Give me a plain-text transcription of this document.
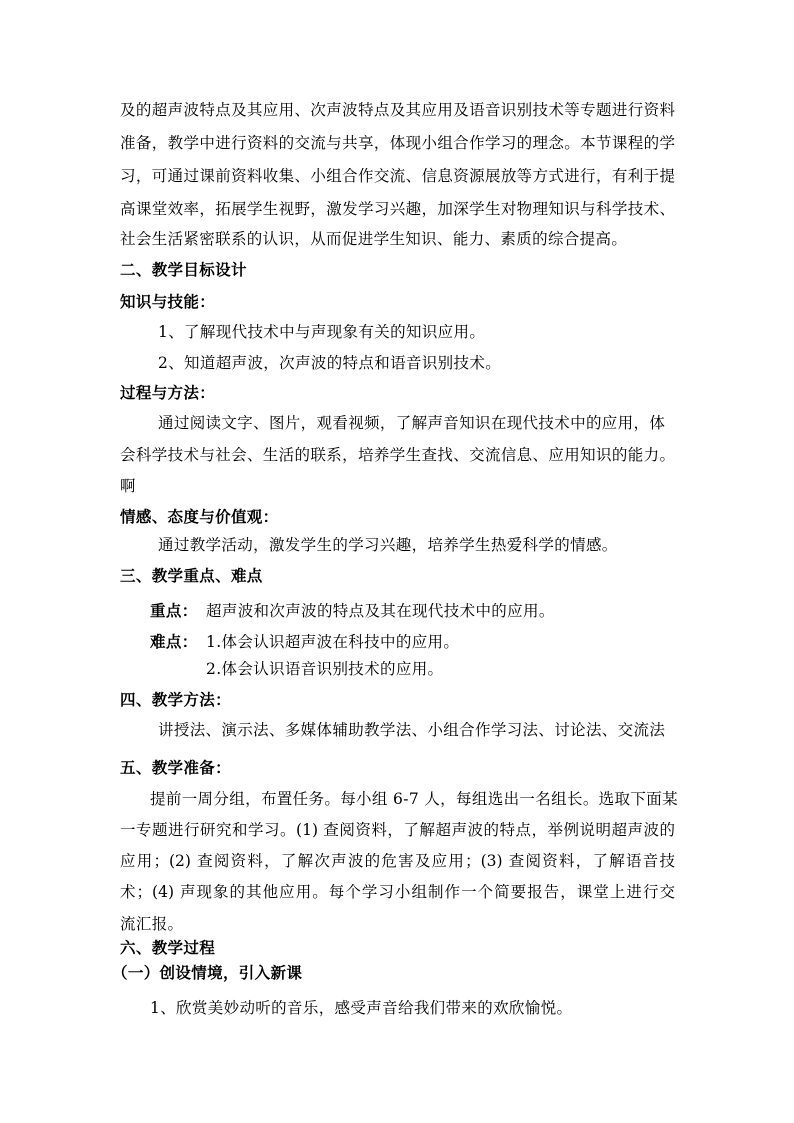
及的超声波特点及其应用、次声波特点及其应用及语音识别技术等专题进行资料
准备，教学中进行资料的交流与共享，体现小组合作学习的理念。本节课程的学
习，可通过课前资料收集、小组合作交流、信息资源展放等方式进行，有利于提
高课堂效率，拓展学生视野，激发学习兴趣，加深学生对物理知识与科学技术、
社会生活紧密联系的认识，从而促进学生知识、能力、素质的综合提高。
二、教学目标设计
知识与技能：
1、了解现代技术中与声现象有关的知识应用。
2、知道超声波，次声波的特点和语音识别技术。
过程与方法：
通过阅读文字、图片，观看视频，了解声音知识在现代技术中的应用，体
会科学技术与社会、生活的联系，培养学生查找、交流信息、应用知识的能力。
啊
情感、态度与价值观：
通过教学活动，激发学生的学习兴趣，培养学生热爱科学的情感。
三、教学重点、难点
重点： 超声波和次声波的特点及其在现代技术中的应用。
难点： 1.体会认识超声波在科技中的应用。
2.体会认识语音识别技术的应用。
四、教学方法：
讲授法、演示法、多媒体辅助教学法、小组合作学习法、讨论法、交流法
五、教学准备：
提前一周分组，布置任务。每小组 6-7 人，每组选出一名组长。选取下面某
一专题进行研究和学习。(1) 查阅资料，了解超声波的特点，举例说明超声波的
应用；(2) 查阅资料，了解次声波的危害及应用；(3) 查阅资料，了解语音技
术；(4) 声现象的其他应用。每个学习小组制作一个简要报告，课堂上进行交
流汇报。
六、教学过程
（一）创设情境，引入新课
1、欣赏美妙动听的音乐，感受声音给我们带来的欢欣愉悦。
